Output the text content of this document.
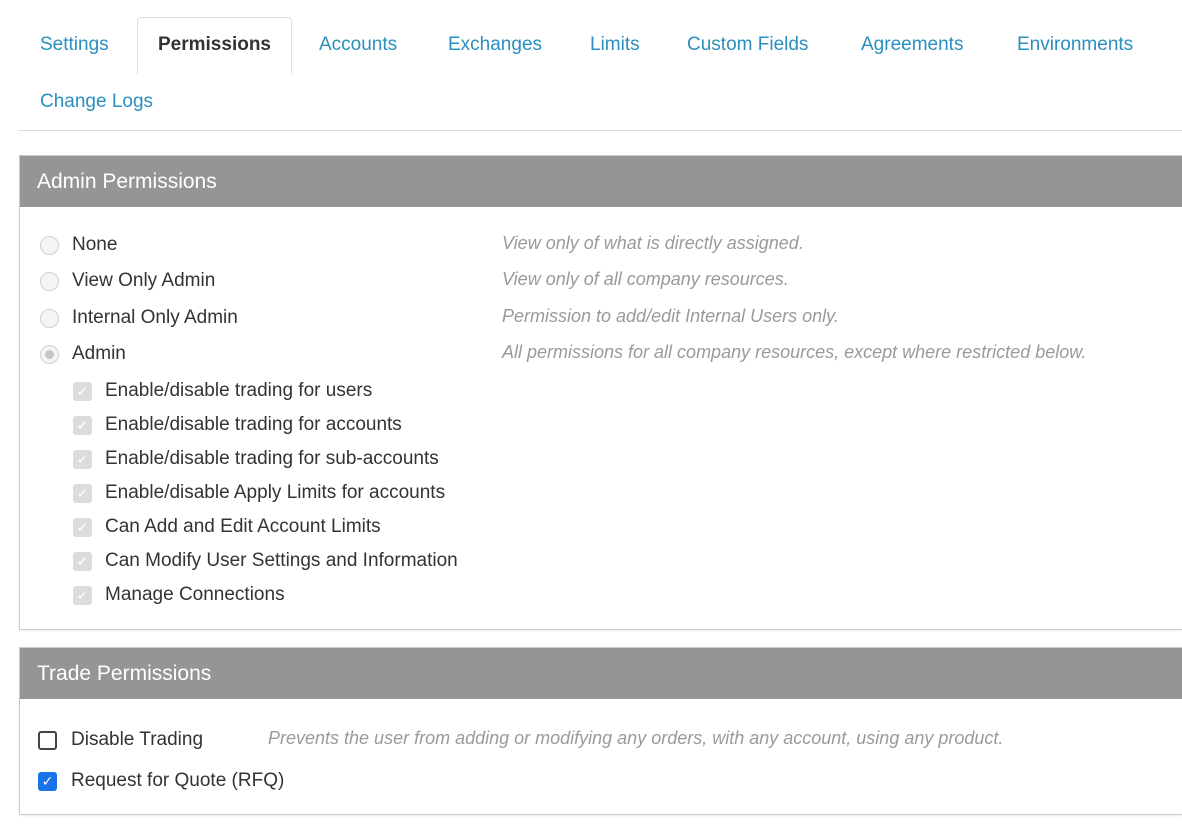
Settings	Permissions	Accounts	Exchanges	Limits Custom Fields	Agreements	Environments
Change Logs
Admin Permissions
None	View only of what is directly assigned.
View Only Admin	View only of all company resources.
Internal Only Admin	Permission to add/edit Internal Users only.
Admin	All permissions for all company resources, except where restricted below.
✓ Enable/disable trading for users
✓ Enable/disable trading for accounts
✓ Enable/disable trading for sub-accounts
✓ Enable/disable Apply Limits for accounts
✓ Can Add and Edit Account Limits
✓ Can Modify User Settings and Information
✓ Manage Connections
Trade Permissions
Disable Trading	Prevents the user from adding or modifying any orders, with any account, using any product.
✓ Request for Quote (RFQ)
